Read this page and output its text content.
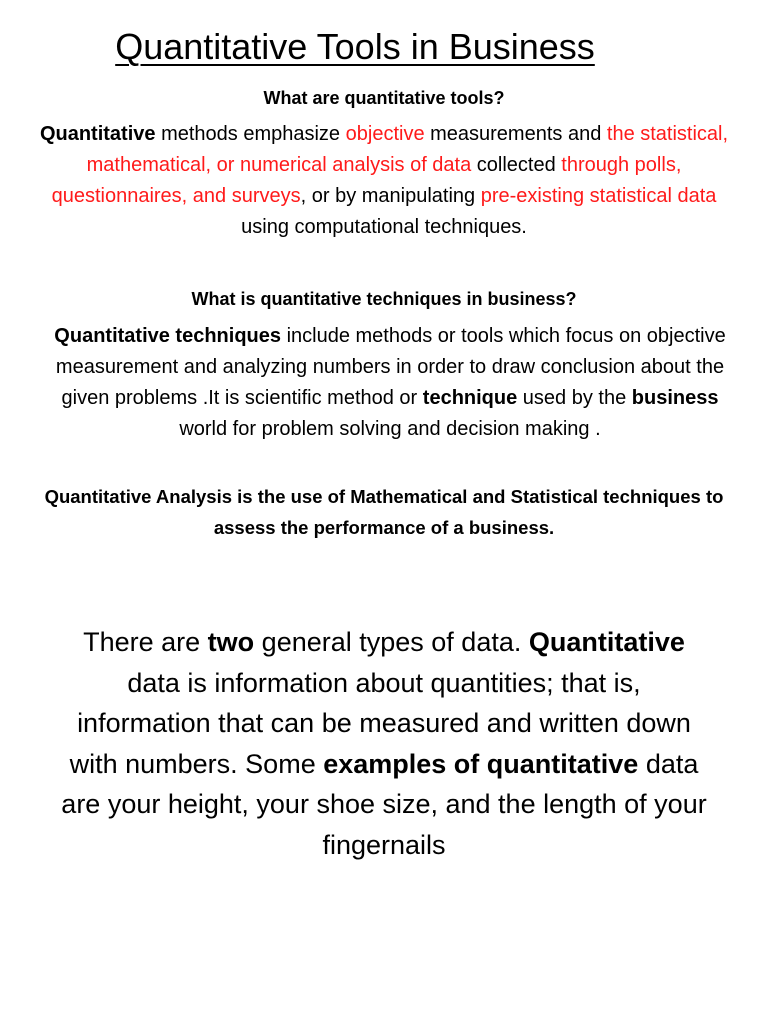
Quantitative Tools in Business
What are quantitative tools?
Quantitative methods emphasize objective measurements and the statistical, mathematical, or numerical analysis of data collected through polls, questionnaires, and surveys, or by manipulating pre-existing statistical data using computational techniques.
What is quantitative techniques in business?
Quantitative techniques include methods or tools which focus on objective measurement and analyzing numbers in order to draw conclusion about the given problems .It is scientific method or technique used by the business world for problem solving and decision making .
Quantitative Analysis is the use of Mathematical and Statistical techniques to assess the performance of a business.
There are two general types of data. Quantitative data is information about quantities; that is, information that can be measured and written down with numbers. Some examples of quantitative data are your height, your shoe size, and the length of your fingernails
